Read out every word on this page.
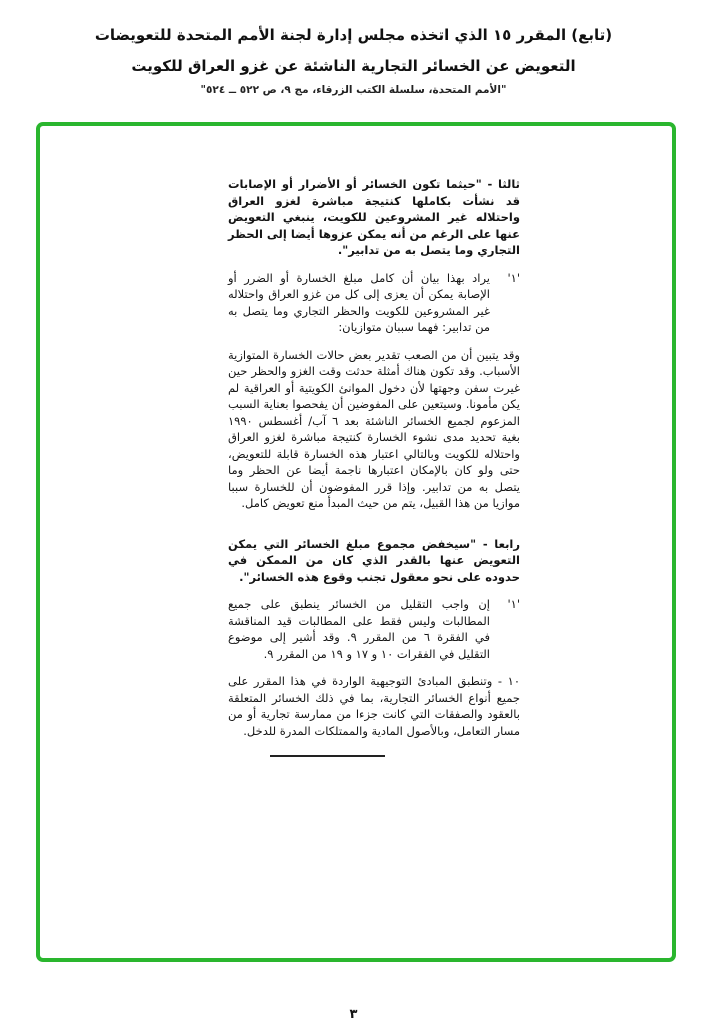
(تابع) المقرر ١٥ الذي اتخذه مجلس إدارة لجنة الأمم المتحدة للتعويضات
التعويض عن الخسائر التجارية الناشئة عن غزو العراق للكويت
"الأمم المتحدة، سلسلة الكتب الزرقاء، مج ٩، ص ٥٢٢ ــ ٥٢٤"

ثالثا - "حيثما تكون الخسائر أو الأضرار أو الإصابات قد نشأت بكاملها كنتيجة مباشرة لغزو العراق واحتلاله غير المشروعين للكويت، ينبغي التعويض عنها على الرغم من أنه يمكن عزوها أيضا إلى الحظر التجاري وما يتصل به من تدابير".

'١'
يراد بهذا بيان أن كامل مبلغ الخسارة أو الضرر أو الإصابة يمكن أن يعزى إلى كل من غزو العراق واحتلاله غير المشروعين للكويت والحظر التجاري وما يتصل به من تدابير: فهما سببان متوازيان:

وقد يتبين أن من الصعب تقدير بعض حالات الخسارة المتوازية الأسباب. وقد تكون هناك أمثلة حدثت وقت الغزو والحظر حين غيرت سفن وجهتها لأن دخول الموانئ الكويتية أو العراقية لم يكن مأمونا. وسيتعين على المفوضين أن يفحصوا بعناية السبب المزعوم لجميع الخسائر الناشئة بعد ٦ آب/ أغسطس ١٩٩٠ بغية تحديد مدى نشوء الخسارة كنتيجة مباشرة لغزو العراق واحتلاله للكويت وبالتالي اعتبار هذه الخسارة قابلة للتعويض، حتى ولو كان بالإمكان اعتبارها ناجمة أيضا عن الحظر وما يتصل به من تدابير. وإذا قرر المفوضون أن للخسارة سببا موازيا من هذا القبيل، يتم من حيث المبدأ منع تعويض كامل.

رابعا - "سيخفض مجموع مبلغ الخسائر التي يمكن التعويض عنها بالقدر الذي كان من الممكن في حدوده على نحو معقول تجنب وقوع هذه الخسائر".

'١'
إن واجب التقليل من الخسائر ينطبق على جميع المطالبات وليس فقط على المطالبات قيد المناقشة في الفقرة ٦ من المقرر ٩. وقد أشير إلى موضوع التقليل في الفقرات ١٠ و ١٧ و ١٩ من المقرر ٩.

١٠ - وتنطبق المبادئ التوجيهية الواردة في هذا المقرر على جميع أنواع الخسائر التجارية، بما في ذلك الخسائر المتعلقة بالعقود والصفقات التي كانت جزءا من ممارسة تجارية أو من مسار التعامل، وبالأصول المادية والممتلكات المدرة للدخل.

٣
